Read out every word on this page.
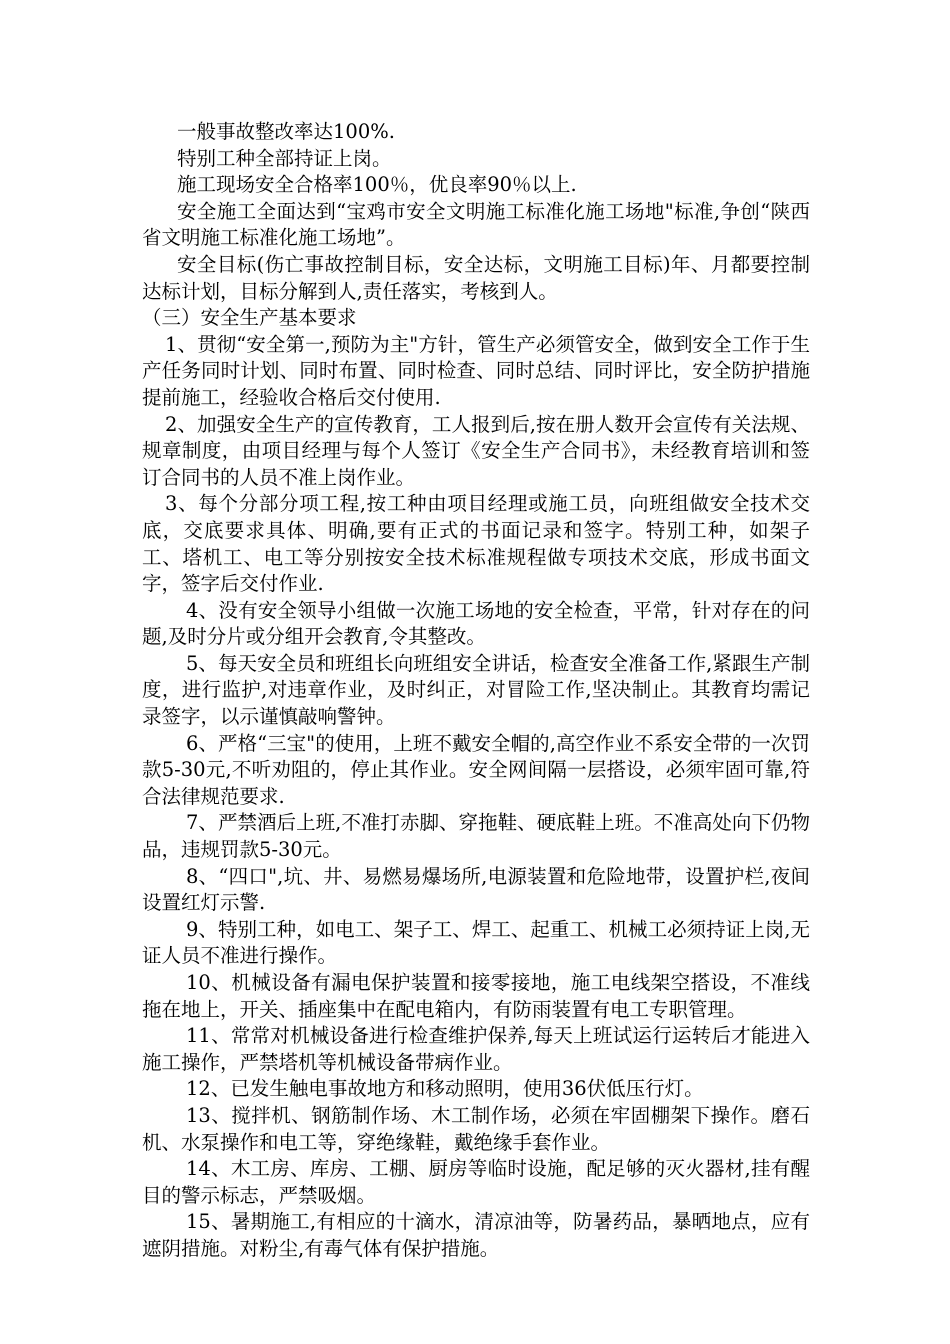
一般事故整改率达100%.

特别工种全部持证上岗。

施工现场安全合格率100％，优良率90％以上.

安全施工全面达到“宝鸡市安全文明施工标准化施工场地"标准,争创“陕西省文明施工标准化施工场地”。

安全目标(伤亡事故控制目标，安全达标，文明施工目标)年、月都要控制达标计划，目标分解到人,责任落实，考核到人。

（三）安全生产基本要求

1、贯彻“安全第一,预防为主"方针，管生产必须管安全，做到安全工作于生产任务同时计划、同时布置、同时检查、同时总结、同时评比，安全防护措施提前施工，经验收合格后交付使用.

2、加强安全生产的宣传教育，工人报到后,按在册人数开会宣传有关法规、规章制度，由项目经理与每个人签订《安全生产合同书》，未经教育培训和签订合同书的人员不准上岗作业。

3、每个分部分项工程,按工种由项目经理或施工员，向班组做安全技术交底，交底要求具体、明确,要有正式的书面记录和签字。特别工种，如架子工、塔机工、电工等分别按安全技术标准规程做专项技术交底，形成书面文字，签字后交付作业.

4、没有安全领导小组做一次施工场地的安全检查，平常，针对存在的问题,及时分片或分组开会教育,令其整改。

5、每天安全员和班组长向班组安全讲话，检查安全准备工作,紧跟生产制度，进行监护,对违章作业，及时纠正，对冒险工作,坚决制止。其教育均需记录签字，以示谨慎敲响警钟。

6、严格“三宝"的使用，上班不戴安全帽的,高空作业不系安全带的一次罚款5-30元,不听劝阻的，停止其作业。安全网间隔一层搭设，必须牢固可靠,符合法律规范要求.

7、严禁酒后上班,不准打赤脚、穿拖鞋、硬底鞋上班。不准高处向下仍物品，违规罚款5-30元。

8、“四口",坑、井、易燃易爆场所,电源装置和危险地带，设置护栏,夜间设置红灯示警.

9、特别工种，如电工、架子工、焊工、起重工、机械工必须持证上岗,无证人员不准进行操作。

10、机械设备有漏电保护装置和接零接地，施工电线架空搭设，不准线拖在地上，开关、插座集中在配电箱内，有防雨装置有电工专职管理。

11、常常对机械设备进行检查维护保养,每天上班试运行运转后才能进入施工操作，严禁塔机等机械设备带病作业。

12、已发生触电事故地方和移动照明，使用36伏低压行灯。

13、搅拌机、钢筋制作场、木工制作场，必须在牢固棚架下操作。磨石机、水泵操作和电工等，穿绝缘鞋，戴绝缘手套作业。

14、木工房、库房、工棚、厨房等临时设施，配足够的灭火器材,挂有醒目的警示标志，严禁吸烟。

15、暑期施工,有相应的十滴水，清凉油等，防暑药品，暴晒地点，应有遮阴措施。对粉尘,有毒气体有保护措施。
